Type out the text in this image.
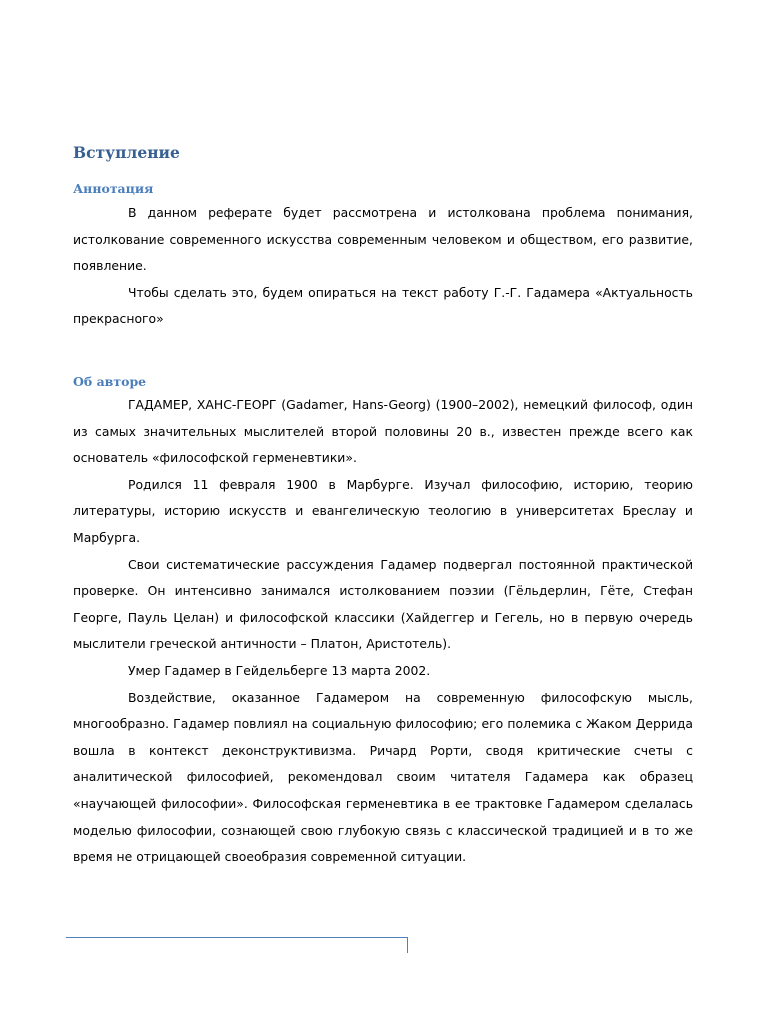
Вступление
Аннотация

В данном реферате будет рассмотрена и истолкована проблема понимания, истолкование современного искусства современным человеком и обществом, его развитие, появление.

Чтобы сделать это, будем опираться на текст работу Г.-Г. Гадамера «Актуальность прекрасного»

Об авторе

ГАДАМЕР, ХАНС-ГЕОРГ (Gadamer, Hans-Georg) (1900–2002), немецкий философ, один из самых значительных мыслителей второй половины 20 в., известен прежде всего как основатель «философской герменевтики».

Родился 11 февраля 1900 в Марбурге. Изучал философию, историю, теорию литературы, историю искусств и евангелическую теологию в университетах Бреслау и Марбурга.

Свои систематические рассуждения Гадамер подвергал постоянной практической проверке. Он интенсивно занимался истолкованием поэзии (Гёльдерлин, Гёте, Стефан Георге, Пауль Целан) и философской классики (Хайдеггер и Гегель, но в первую очередь мыслители греческой античности – Платон, Аристотель).

Умер Гадамер в Гейдельберге 13 марта 2002.

Воздействие, оказанное Гадамером на современную философскую мысль, многообразно. Гадамер повлиял на социальную философию; его полемика с Жаком Деррида вошла в контекст деконструктивизма. Ричард Рорти, сводя критические счеты с аналитической философией, рекомендовал своим читателя Гадамера как образец «научающей философии». Философская герменевтика в ее трактовке Гадамером сделалась моделью философии, сознающей свою глубокую связь с классической традицией и в то же время не отрицающей своеобразия современной ситуации.
